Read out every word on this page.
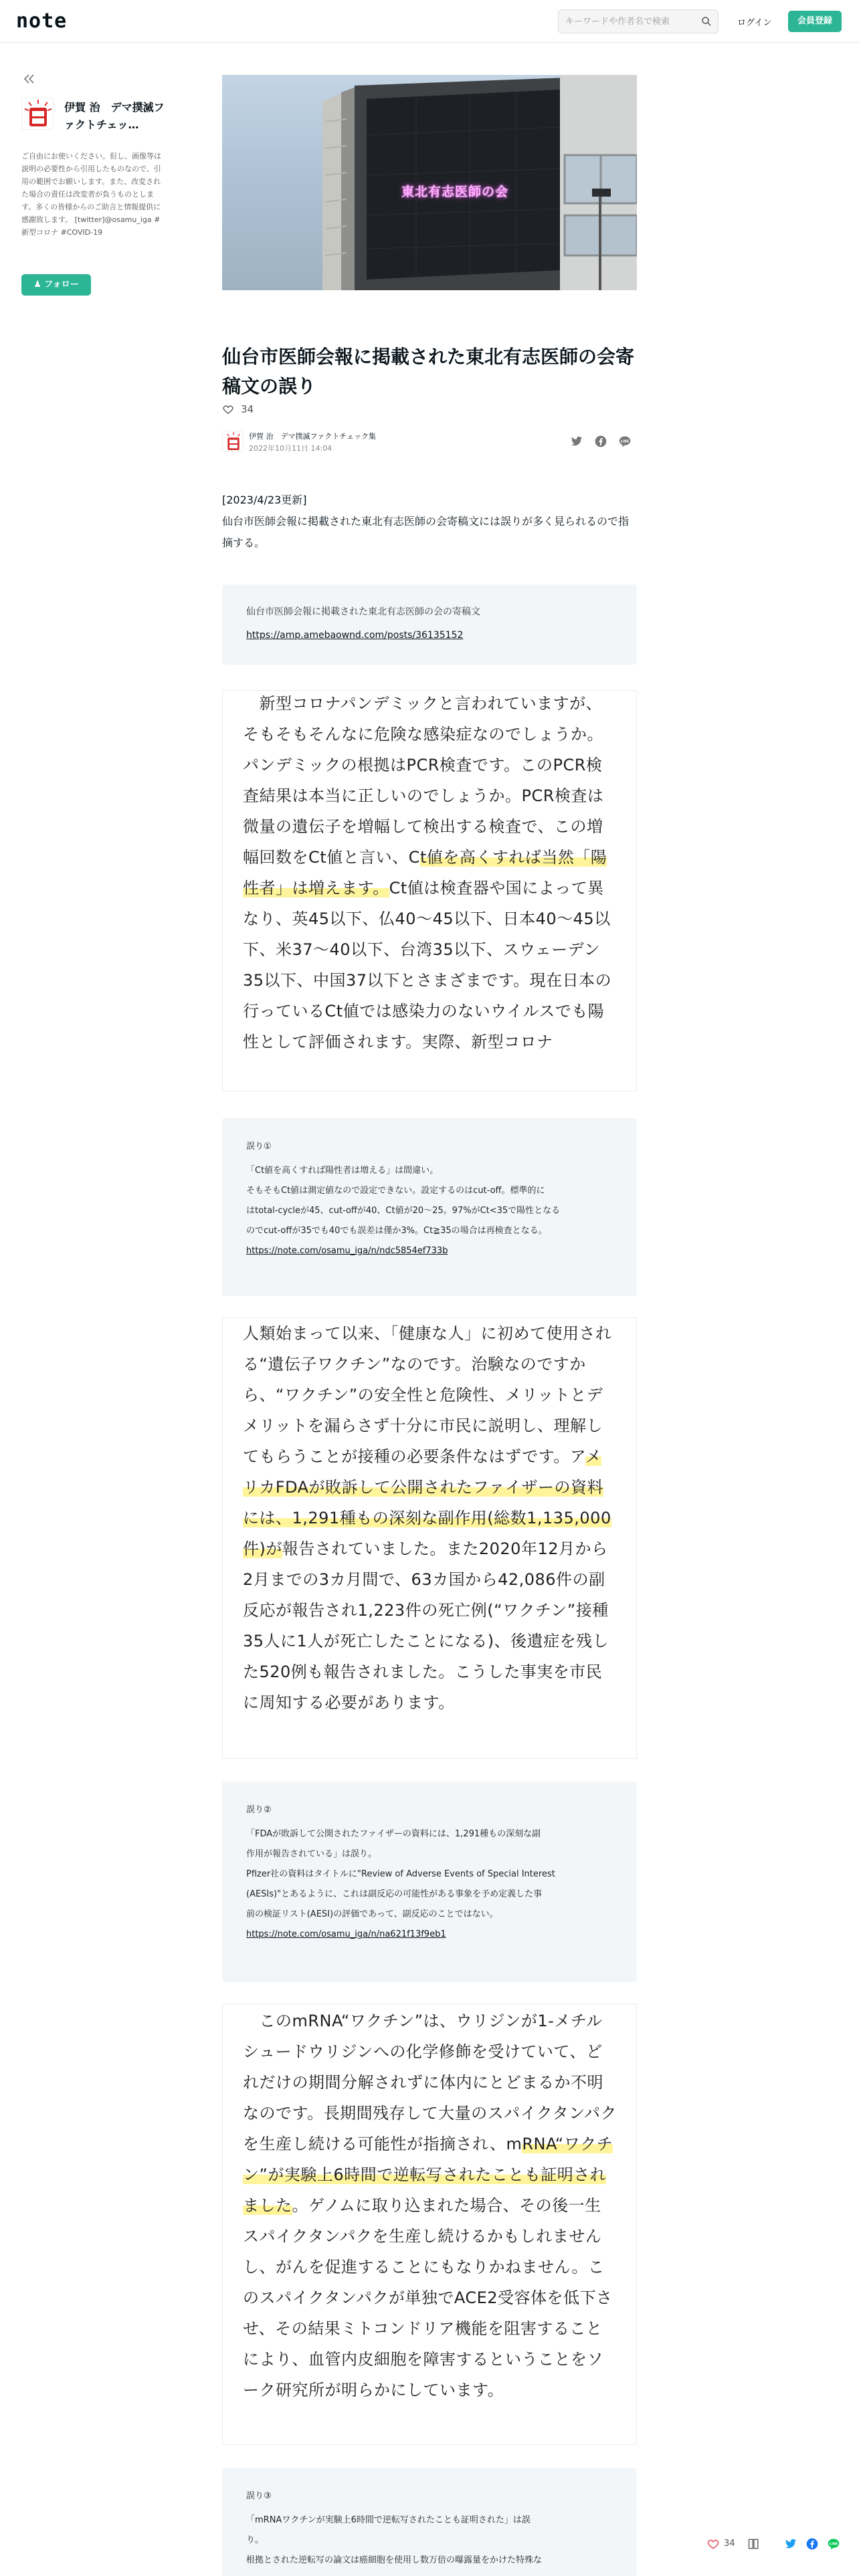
note
キーワードや作者名で検索	ログイン	会員登録
伊賀 治　デマ撲滅ファクトチェッ…
ご自由にお使いください。但し、画像等は説明の必要性から引用したものなので、引用の範囲でお願いします。また、改変された場合の責任は改変者が負うものとします。多くの皆様からのご助言と情報提供に感謝致します。 [twitter]@osamu_iga #新型コロナ #COVID-19
♟ フォロー
東北有志医師の会
仙台市医師会報に掲載された東北有志医師の会寄稿文の誤り
34
伊賀 治　デマ撲滅ファクトチェック集
2022年10月11日 14:04
LINE
[2023/4/23更新]
仙台市医師会報に掲載された東北有志医師の会寄稿文には誤りが多く見られるので指摘する。
仙台市医師会報に掲載された東北有志医師の会の寄稿文
https://amp.amebaownd.com/posts/36135152
　新型コロナパンデミックと言われていますが、そもそもそんなに危険な感染症なのでしょうか。パンデミックの根拠はPCR検査です。このPCR検査結果は本当に正しいのでしょうか。PCR検査は微量の遺伝子を増幅して検出する検査で、この増幅回数をCt値と言い、Ct値を高くすれば当然「陽性者」は増えます。Ct値は検査器や国によって異なり、英45以下、仏40〜45以下、日本40〜45以下、米37〜40以下、台湾35以下、スウェーデン35以下、中国37以下とさまざまです。現在日本の行っているCt値では感染力のないウイルスでも陽性として評価されます。実際、新型コロナ
誤り①
「Ct値を高くすれば陽性者は増える」は間違い。
そもそもCt値は測定値なので設定できない。設定するのはcut-off。標準的に
はtotal-cycleが45、cut-offが40、Ct値が20〜25。97%がCt<35で陽性となる
のでcut-offが35でも40でも誤差は僅か3%。Ct≧35の場合は再検査となる。
https://note.com/osamu_iga/n/ndc5854ef733b
人類始まって以来、「健康な人」に初めて使用される“遺伝子ワクチン”なのです。治験なのですから、“ワクチン”の安全性と危険性、メリットとデメリットを漏らさず十分に市民に説明し、理解してもらうことが接種の必要条件なはずです。アメリカFDAが敗訴して公開されたファイザーの資料には、1,291種もの深刻な副作用(総数1,135,000件)が報告されていました。また2020年12月から2月までの3カ月間で、63カ国から42,086件の副反応が報告され1,223件の死亡例(“ワクチン”接種35人に1人が死亡したことになる)、後遺症を残した520例も報告されました。こうした事実を市民に周知する必要があります。
誤り②
「FDAが敗訴して公開されたファイザーの資料には、1,291種もの深刻な副
作用が報告されている」は誤り。
Pfizer社の資料はタイトルに"Review of Adverse Events of Special Interest
(AESIs)"とあるように、これは副反応の可能性がある事象を予め定義した事
前の検証リスト(AESI)の評価であって、副反応のことではない。
https://note.com/osamu_iga/n/na621f13f9eb1
　このmRNA“ワクチン”は、ウリジンが1-メチルシュードウリジンへの化学修飾を受けていて、どれだけの期間分解されずに体内にとどまるか不明なのです。長期間残存して大量のスパイクタンパクを生産し続ける可能性が指摘され、mRNA“ワクチン”が実験上6時間で逆転写されたことも証明されました。ゲノムに取り込まれた場合、その後一生スパイクタンパクを生産し続けるかもしれませんし、がんを促進することにもなりかねません。このスパイクタンパクが単独でACE2受容体を低下させ、その結果ミトコンドリア機能を阻害することにより、血管内皮細胞を障害するということをソーク研究所が明らかにしています。
誤り③
「mRNAワクチンが実験上6時間で逆転写されたことも証明された」は誤
り。
根拠とされた逆転写の論文は癌細胞を使用し数万倍の曝露量をかけた特殊な
34	LINE
